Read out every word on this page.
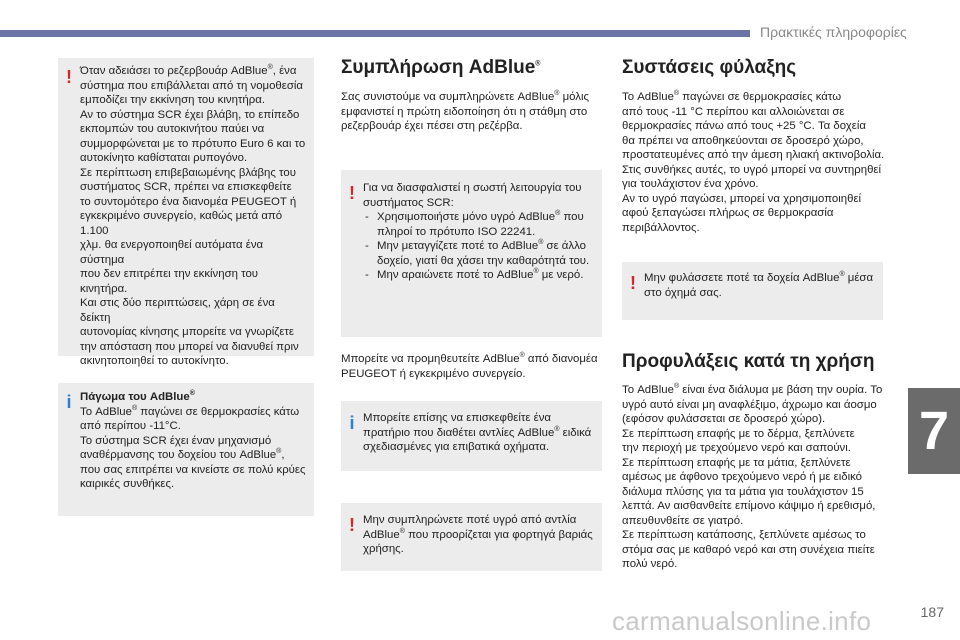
Πρακτικές πληροφορίες
7
187
carmanualsonline.info
! Όταν αδειάσει το ρεζερβουάρ AdBlue®, ένα

σύστημα που επιβάλλεται από τη νομοθεσία

εμποδίζει την εκκίνηση του κινητήρα.

Αν το σύστημα SCR έχει βλάβη, το επίπεδο

εκπομπών του αυτοκινήτου παύει να

συμμορφώνεται με το πρότυπο Euro 6 και το

αυτοκίνητο καθίσταται ρυπογόνο.

Σε περίπτωση επιβεβαιωμένης βλάβης του

συστήματος SCR, πρέπει να επισκεφθείτε

το συντομότερο ένα διανομέα PEUGEOT ή

εγκεκριμένο συνεργείο, καθώς μετά από 1.100

χλμ. θα ενεργοποιηθεί αυτόματα ένα σύστημα

που δεν επιτρέπει την εκκίνηση του κινητήρα.

Και στις δύο περιπτώσεις, χάρη σε ένα δείκτη

αυτονομίας κίνησης μπορείτε να γνωρίζετε

την απόσταση που μπορεί να διανυθεί πριν

ακινητοποιηθεί το αυτοκίνητο.

i Πάγωμα του AdBlue®

Το AdBlue® παγώνει σε θερμοκρασίες κάτω

από περίπου -11°C.

Το σύστημα SCR έχει έναν μηχανισμό

αναθέρμανσης του δοχείου του AdBlue®,

που σας επιτρέπει να κινείστε σε πολύ κρύες

καιρικές συνθήκες.

Συμπλήρωση AdBlue®

Σας συνιστούμε να συμπληρώνετε AdBlue® μόλις

εμφανιστεί η πρώτη ειδοποίηση ότι η στάθμη στο

ρεζερβουάρ έχει πέσει στη ρεζέρβα.

! Για να διασφαλιστεί η σωστή λειτουργία του

συστήματος SCR:

- Χρησιμοποιήστε μόνο υγρό AdBlue® που
πληροί το πρότυπο ISO 22241.
- Μην μεταγγίζετε ποτέ το AdBlue® σε άλλο
δοχείο, γιατί θα χάσει την καθαρότητά του.
- Μην αραιώνετε ποτέ το AdBlue® με νερό.

Μπορείτε να προμηθευτείτε AdBlue® από διανομέα

PEUGEOT ή εγκεκριμένο συνεργείο.

i Μπορείτε επίσης να επισκεφθείτε ένα

πρατήριο που διαθέτει αντλίες AdBlue® ειδικά

σχεδιασμένες για επιβατικά οχήματα.

! Μην συμπληρώνετε ποτέ υγρό από αντλία

AdBlue® που προορίζεται για φορτηγά βαριάς

χρήσης.

Συστάσεις φύλαξης

Το AdBlue® παγώνει σε θερμοκρασίες κάτω

από τους -11 °C περίπου και αλλοιώνεται σε

θερμοκρασίες πάνω από τους +25 °C. Τα δοχεία

θα πρέπει να αποθηκεύονται σε δροσερό χώρο,

προστατευμένες από την άμεση ηλιακή ακτινοβολία.

Στις συνθήκες αυτές, το υγρό μπορεί να συντηρηθεί

για τουλάχιστον ένα χρόνο.

Αν το υγρό παγώσει, μπορεί να χρησιμοποιηθεί

αφού ξεπαγώσει πλήρως σε θερμοκρασία

περιβάλλοντος.

! Μην φυλάσσετε ποτέ τα δοχεία AdBlue® μέσα

στο όχημά σας.

Προφυλάξεις κατά τη χρήση

Το AdBlue® είναι ένα διάλυμα με βάση την ουρία. Το

υγρό αυτό είναι μη αναφλέξιμο, άχρωμο και άοσμο

(εφόσον φυλάσσεται σε δροσερό χώρο).

Σε περίπτωση επαφής με το δέρμα, ξεπλύνετε

την περιοχή με τρεχούμενο νερό και σαπούνι.

Σε περίπτωση επαφής με τα μάτια, ξεπλύνετε

αμέσως με άφθονο τρεχούμενο νερό ή με ειδικό

διάλυμα πλύσης για τα μάτια για τουλάχιστον 15

λεπτά. Αν αισθανθείτε επίμονο κάψιμο ή ερεθισμό,

απευθυνθείτε σε γιατρό.

Σε περίπτωση κατάποσης, ξεπλύνετε αμέσως το

στόμα σας με καθαρό νερό και στη συνέχεια πιείτε

πολύ νερό.
